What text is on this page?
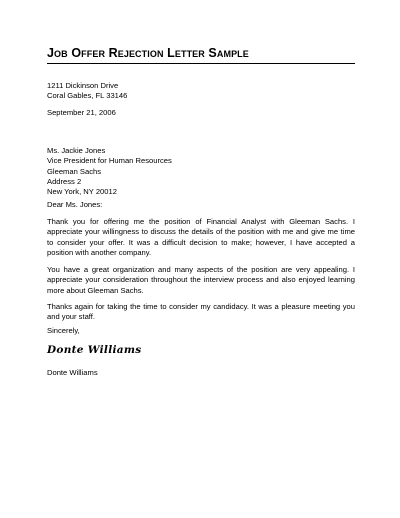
Job Offer Rejection Letter Sample
1211 Dickinson Drive
Coral Gables, FL 33146
September 21, 2006
Ms. Jackie Jones
Vice President for Human Resources
Gleeman Sachs
Address 2
New York, NY 20012
Dear Ms. Jones:
Thank you for offering me the position of Financial Analyst with Gleeman Sachs. I appreciate your willingness to discuss the details of the position with me and give me time to consider your offer. It was a difficult decision to make; however, I have accepted a position with another company.
You have a great organization and many aspects of the position are very appealing. I appreciate your consideration throughout the interview process and also enjoyed learning more about Gleeman Sachs.
Thanks again for taking the time to consider my candidacy. It was a pleasure meeting you and your staff.
Sincerely,
Donte Williams
Donte Williams
